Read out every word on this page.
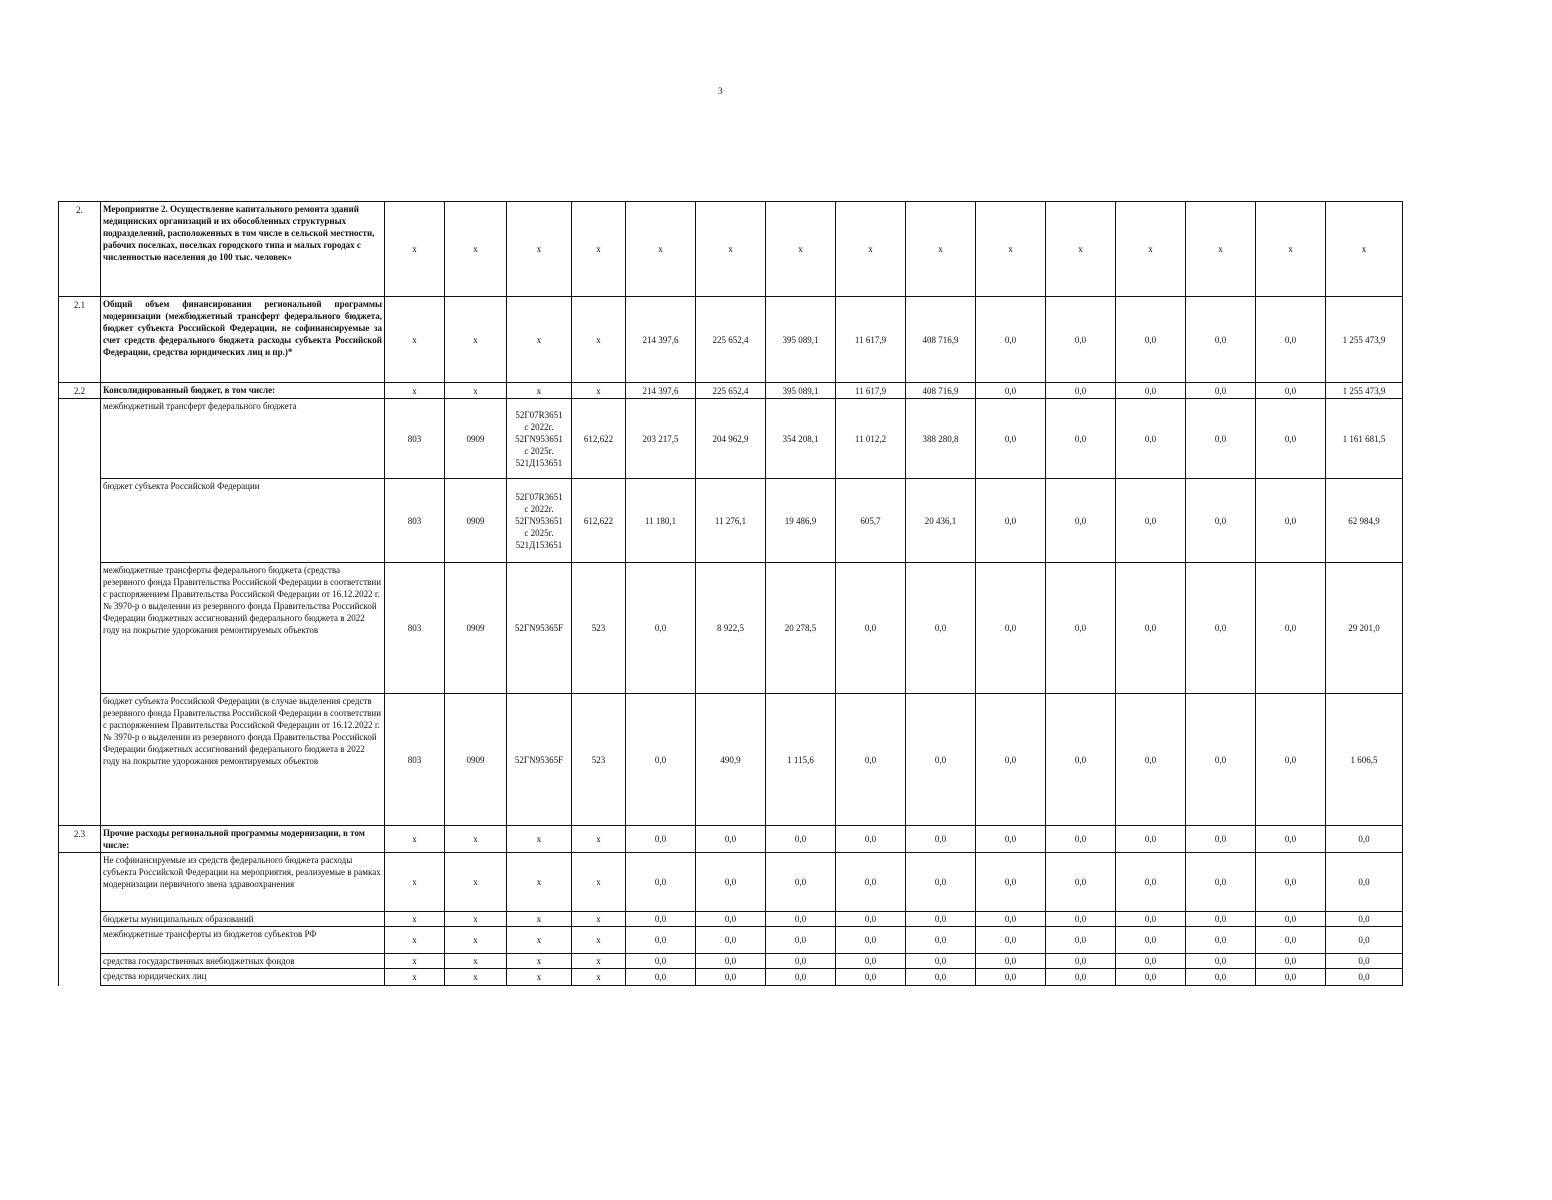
3
2.	Мероприятие 2. Осуществление капитального ремонта зданий медицинских организаций и их обособленных структурных подразделений, расположенных в том числе в сельской местности, рабочих поселках, поселках городского типа и малых городах с численностью населения до 100 тыс. человек»	x	x	x	x	x	x	x	x	x	x	x	x	x	x	x
2.1	Общий объем финансирования региональной программы модернизации (межбюджетный трансферт федерального бюджета, бюджет субъекта Российской Федерации, не софинансируемые за счет средств федерального бюджета расходы субъекта Российской Федерации, средства юридических лиц и пр.)*	x	x	x	x	214 397,6	225 652,4	395 089,1	11 617,9	408 716,9	0,0	0,0	0,0	0,0	0,0	1 255 473,9
2.2	Консолидированный бюджет, в том числе:	x	x	x	x	214 397,6	225 652,4	395 089,1	11 617,9	408 716,9	0,0	0,0	0,0	0,0	0,0	1 255 473,9
	межбюджетный трансферт федерального бюджета	803	0909	52Г07R3651
с 2022г.
52ГN953651
с 2025г.
521Д153651	612,622	203 217,5	204 962,9	354 208,1	11 012,2	388 280,8	0,0	0,0	0,0	0,0	0,0	1 161 681,5
	бюджет субъекта Российской Федерации	803	0909	52Г07R3651
с 2022г.
52ГN953651
с 2025г.
521Д153651	612,622	11 180,1	11 276,1	19 486,9	605,7	20 436,1	0,0	0,0	0,0	0,0	0,0	62 984,9
	межбюджетные трансферты федерального бюджета (средства резервного фонда Правительства Российской Федерации в соответствии с распоряжением Правительства Российской Федерации от 16.12.2022 г. № 3970-р о выделении из резервного фонда Правительства Российской Федерации бюджетных ассигнований федерального бюджета в 2022 году на покрытие удорожания ремонтируемых объектов	803	0909	52ГN95365F	523	0,0	8 922,5	20 278,5	0,0	0,0	0,0	0,0	0,0	0,0	0,0	29 201,0
	бюджет субъекта Российской Федерации (в случае выделения средств резервного фонда Правительства Российской Федерации в соответствии с распоряжением Правительства Российской Федерации от 16.12.2022 г. № 3970-р о выделении из резервного фонда Правительства Российской Федерации бюджетных ассигнований федерального бюджета в 2022 году на покрытие удорожания ремонтируемых объектов	803	0909	52ГN95365F	523	0,0	490,9	1 115,6	0,0	0,0	0,0	0,0	0,0	0,0	0,0	1 606,5
2.3	Прочие расходы региональной программы модернизации, в том числе:	x	x	x	x	0,0	0,0	0,0	0,0	0,0	0,0	0,0	0,0	0,0	0,0	0,0
	Не софинансируемые из средств федерального бюджета расходы субъекта Российской Федерации на мероприятия, реализуемые в рамках модернизации первичного звена здравоохранения	x	x	x	x	0,0	0,0	0,0	0,0	0,0	0,0	0,0	0,0	0,0	0,0	0,0
	бюджеты муниципальных образований	x	x	x	x	0,0	0,0	0,0	0,0	0,0	0,0	0,0	0,0	0,0	0,0	0,0
	межбюджетные трансферты из бюджетов субъектов РФ	x	x	x	x	0,0	0,0	0,0	0,0	0,0	0,0	0,0	0,0	0,0	0,0	0,0
	средства государственных внебюджетных фондов	x	x	x	x	0,0	0,0	0,0	0,0	0,0	0,0	0,0	0,0	0,0	0,0	0,0
	средства юридических лиц	x	x	x	x	0,0	0,0	0,0	0,0	0,0	0,0	0,0	0,0	0,0	0,0	0,0
